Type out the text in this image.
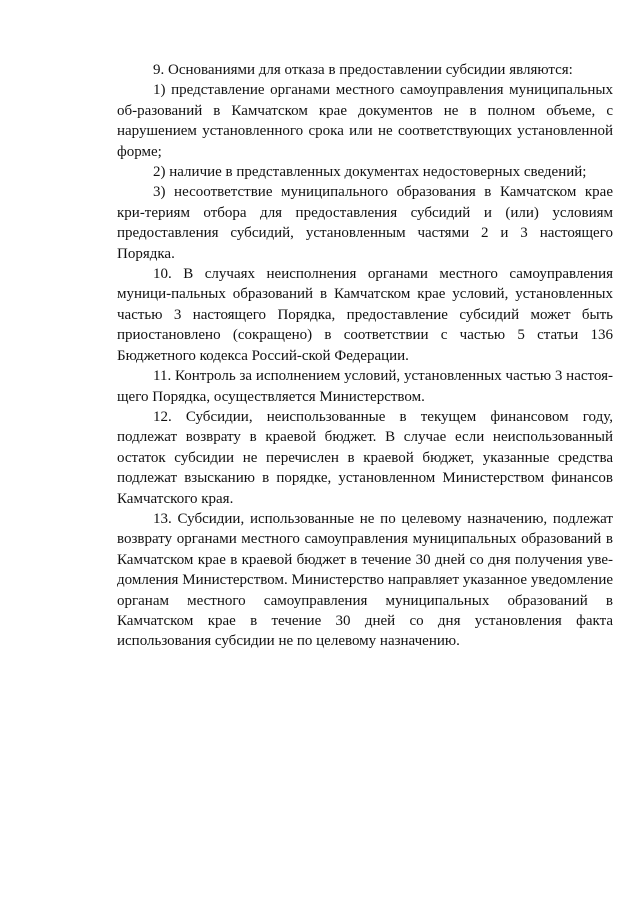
9. Основаниями для отказа в предоставлении субсидии являются:

1) представление органами местного самоуправления муниципальных об-разований в Камчатском крае документов не в полном объеме, с нарушением установленного срока или не соответствующих установленной форме;

2) наличие в представленных документах недостоверных сведений;

3) несоответствие муниципального образования в Камчатском крае кри-териям отбора для предоставления субсидий и (или) условиям предоставления субсидий, установленным частями 2 и 3 настоящего Порядка.

10. В случаях неисполнения органами местного самоуправления муници-пальных образований в Камчатском крае условий, установленных частью 3 настоящего Порядка, предоставление субсидий может быть приостановлено (сокращено) в соответствии с частью 5 статьи 136 Бюджетного кодекса Россий-ской Федерации.

11. Контроль за исполнением условий, установленных частью 3 настоя-щего Порядка, осуществляется Министерством.

12. Субсидии, неиспользованные в текущем финансовом году, подлежат возврату в краевой бюджет. В случае если неиспользованный остаток субсидии не перечислен в краевой бюджет, указанные средства подлежат взысканию в порядке, установленном Министерством финансов Камчатского края.

13. Субсидии, использованные не по целевому назначению, подлежат возврату органами местного самоуправления муниципальных образований в Камчатском крае в краевой бюджет в течение 30 дней со дня получения уве-домления Министерством. Министерство направляет указанное уведомление органам местного самоуправления муниципальных образований в Камчатском крае в течение 30 дней со дня установления факта использования субсидии не по целевому назначению.
